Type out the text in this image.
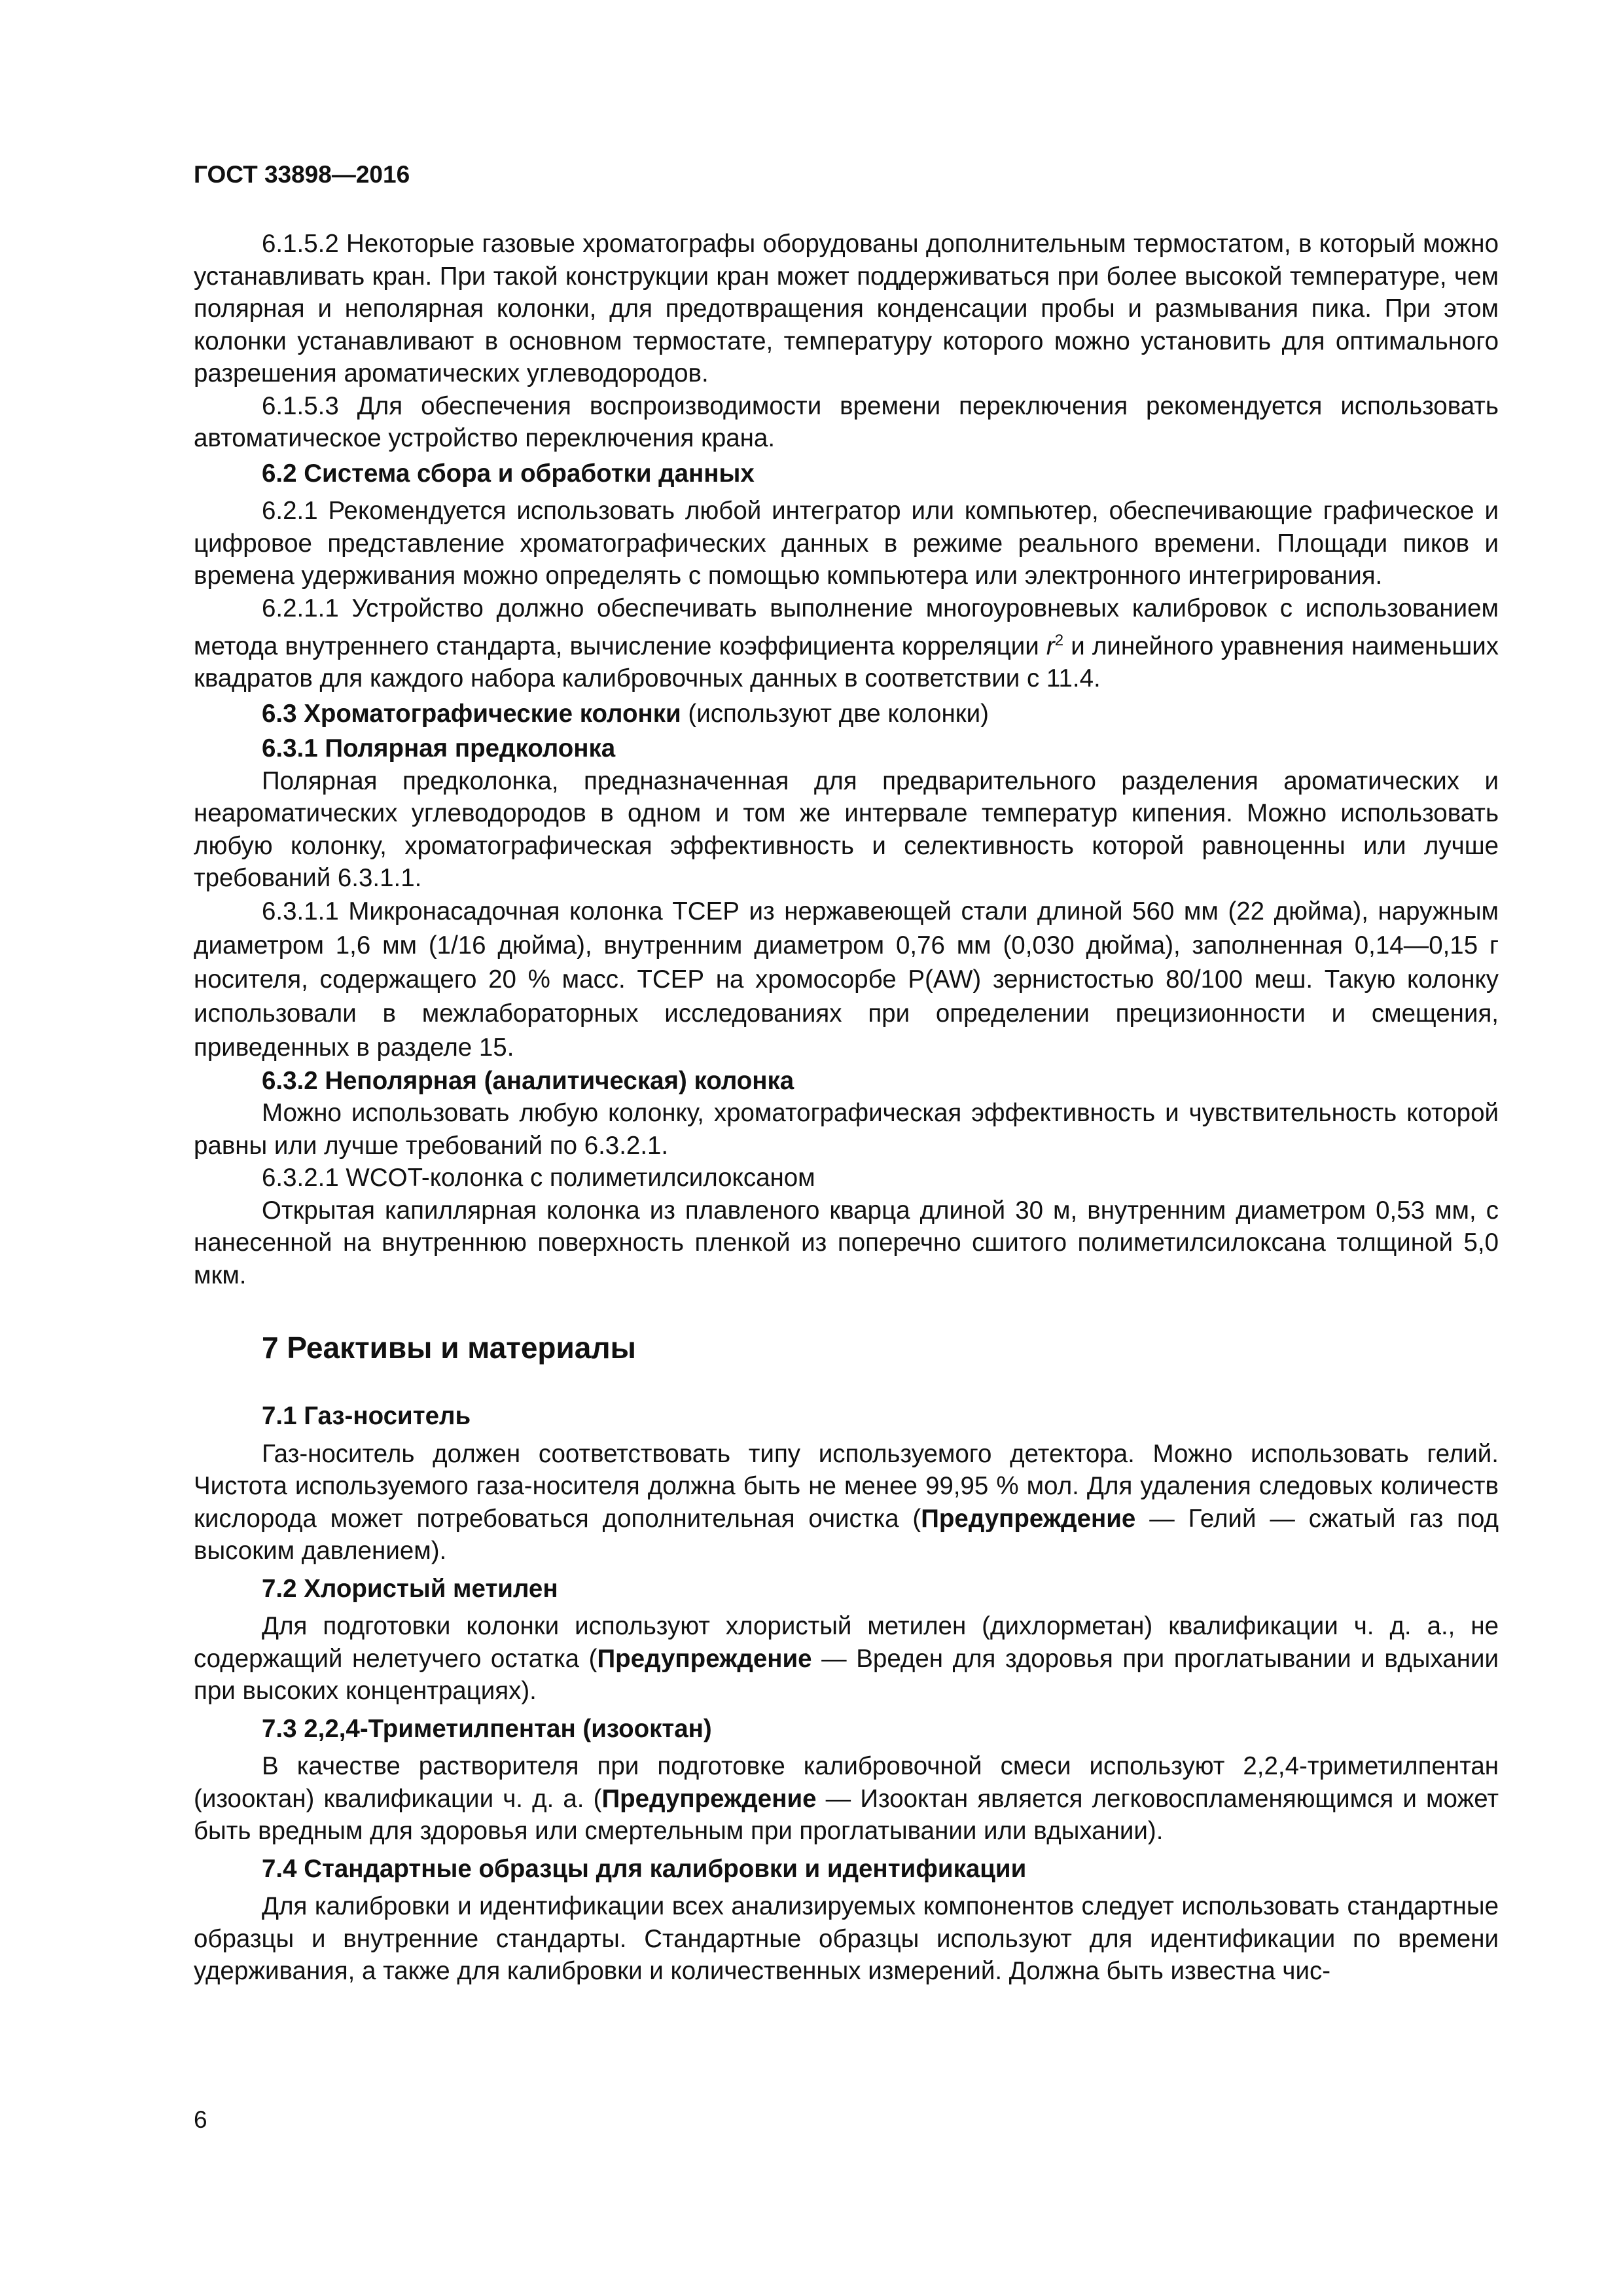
ГОСТ 33898—2016

6.1.5.2 Некоторые газовые хроматографы оборудованы дополнительным термостатом, в который можно устанавливать кран. При такой конструкции кран может поддерживаться при более высокой температуре, чем полярная и неполярная колонки, для предотвращения конденсации пробы и размывания пика. При этом колонки устанавливают в основном термостате, температуру которого можно установить для оптимального разрешения ароматических углеводородов.

6.1.5.3 Для обеспечения воспроизводимости времени переключения рекомендуется использовать автоматическое устройство переключения крана.

6.2 Система сбора и обработки данных

6.2.1 Рекомендуется использовать любой интегратор или компьютер, обеспечивающие графическое и цифровое представление хроматографических данных в режиме реального времени. Площади пиков и времена удерживания можно определять с помощью компьютера или электронного интегрирования.

6.2.1.1 Устройство должно обеспечивать выполнение многоуровневых калибровок с использованием метода внутреннего стандарта, вычисление коэффициента корреляции $r^2$ и линейного уравнения наименьших квадратов для каждого набора калибровочных данных в соответствии с 11.4.

6.3 Хроматографические колонки (используют две колонки)

6.3.1 Полярная предколонка

Полярная предколонка, предназначенная для предварительного разделения ароматических и неароматических углеводородов в одном и том же интервале температур кипения. Можно использовать любую колонку, хроматографическая эффективность и селективность которой равноценны или лучше требований 6.3.1.1.

6.3.1.1 Микронасадочная колонка ТСЕР из нержавеющей стали длиной 560 мм (22 дюйма), наружным диаметром 1,6 мм (1/16 дюйма), внутренним диаметром 0,76 мм (0,030 дюйма), заполненная 0,14—0,15 г носителя, содержащего 20 % масс. ТСЕР на хромосорбе P(AW) зернистостью 80/100 меш. Такую колонку использовали в межлабораторных исследованиях при определении прецизионности и смещения, приведенных в разделе 15.

6.3.2 Неполярная (аналитическая) колонка

Можно использовать любую колонку, хроматографическая эффективность и чувствительность которой равны или лучше требований по 6.3.2.1.

6.3.2.1 WCOT-колонка с полиметилсилоксаном

Открытая капиллярная колонка из плавленого кварца длиной 30 м, внутренним диаметром 0,53 мм, с нанесенной на внутреннюю поверхность пленкой из поперечно сшитого полиметилсилоксана толщиной 5,0 мкм.

7 Реактивы и материалы

7.1 Газ-носитель

Газ-носитель должен соответствовать типу используемого детектора. Можно использовать гелий. Чистота используемого газа-носителя должна быть не менее 99,95 % мол. Для удаления следовых количеств кислорода может потребоваться дополнительная очистка (Предупреждение — Гелий — сжатый газ под высоким давлением).

7.2 Хлористый метилен

Для подготовки колонки используют хлористый метилен (дихлорметан) квалификации ч. д. а., не содержащий нелетучего остатка (Предупреждение — Вреден для здоровья при проглатывании и вдыхании при высоких концентрациях).

7.3 2,2,4-Триметилпентан (изооктан)

В качестве растворителя при подготовке калибровочной смеси используют 2,2,4-триметилпентан (изооктан) квалификации ч. д. а. (Предупреждение — Изооктан является легковоспламеняющимся и может быть вредным для здоровья или смертельным при проглатывании или вдыхании).

7.4 Стандартные образцы для калибровки и идентификации

Для калибровки и идентификации всех анализируемых компонентов следует использовать стандартные образцы и внутренние стандарты. Стандартные образцы используют для идентификации по времени удерживания, а также для калибровки и количественных измерений. Должна быть известна чис-

6
